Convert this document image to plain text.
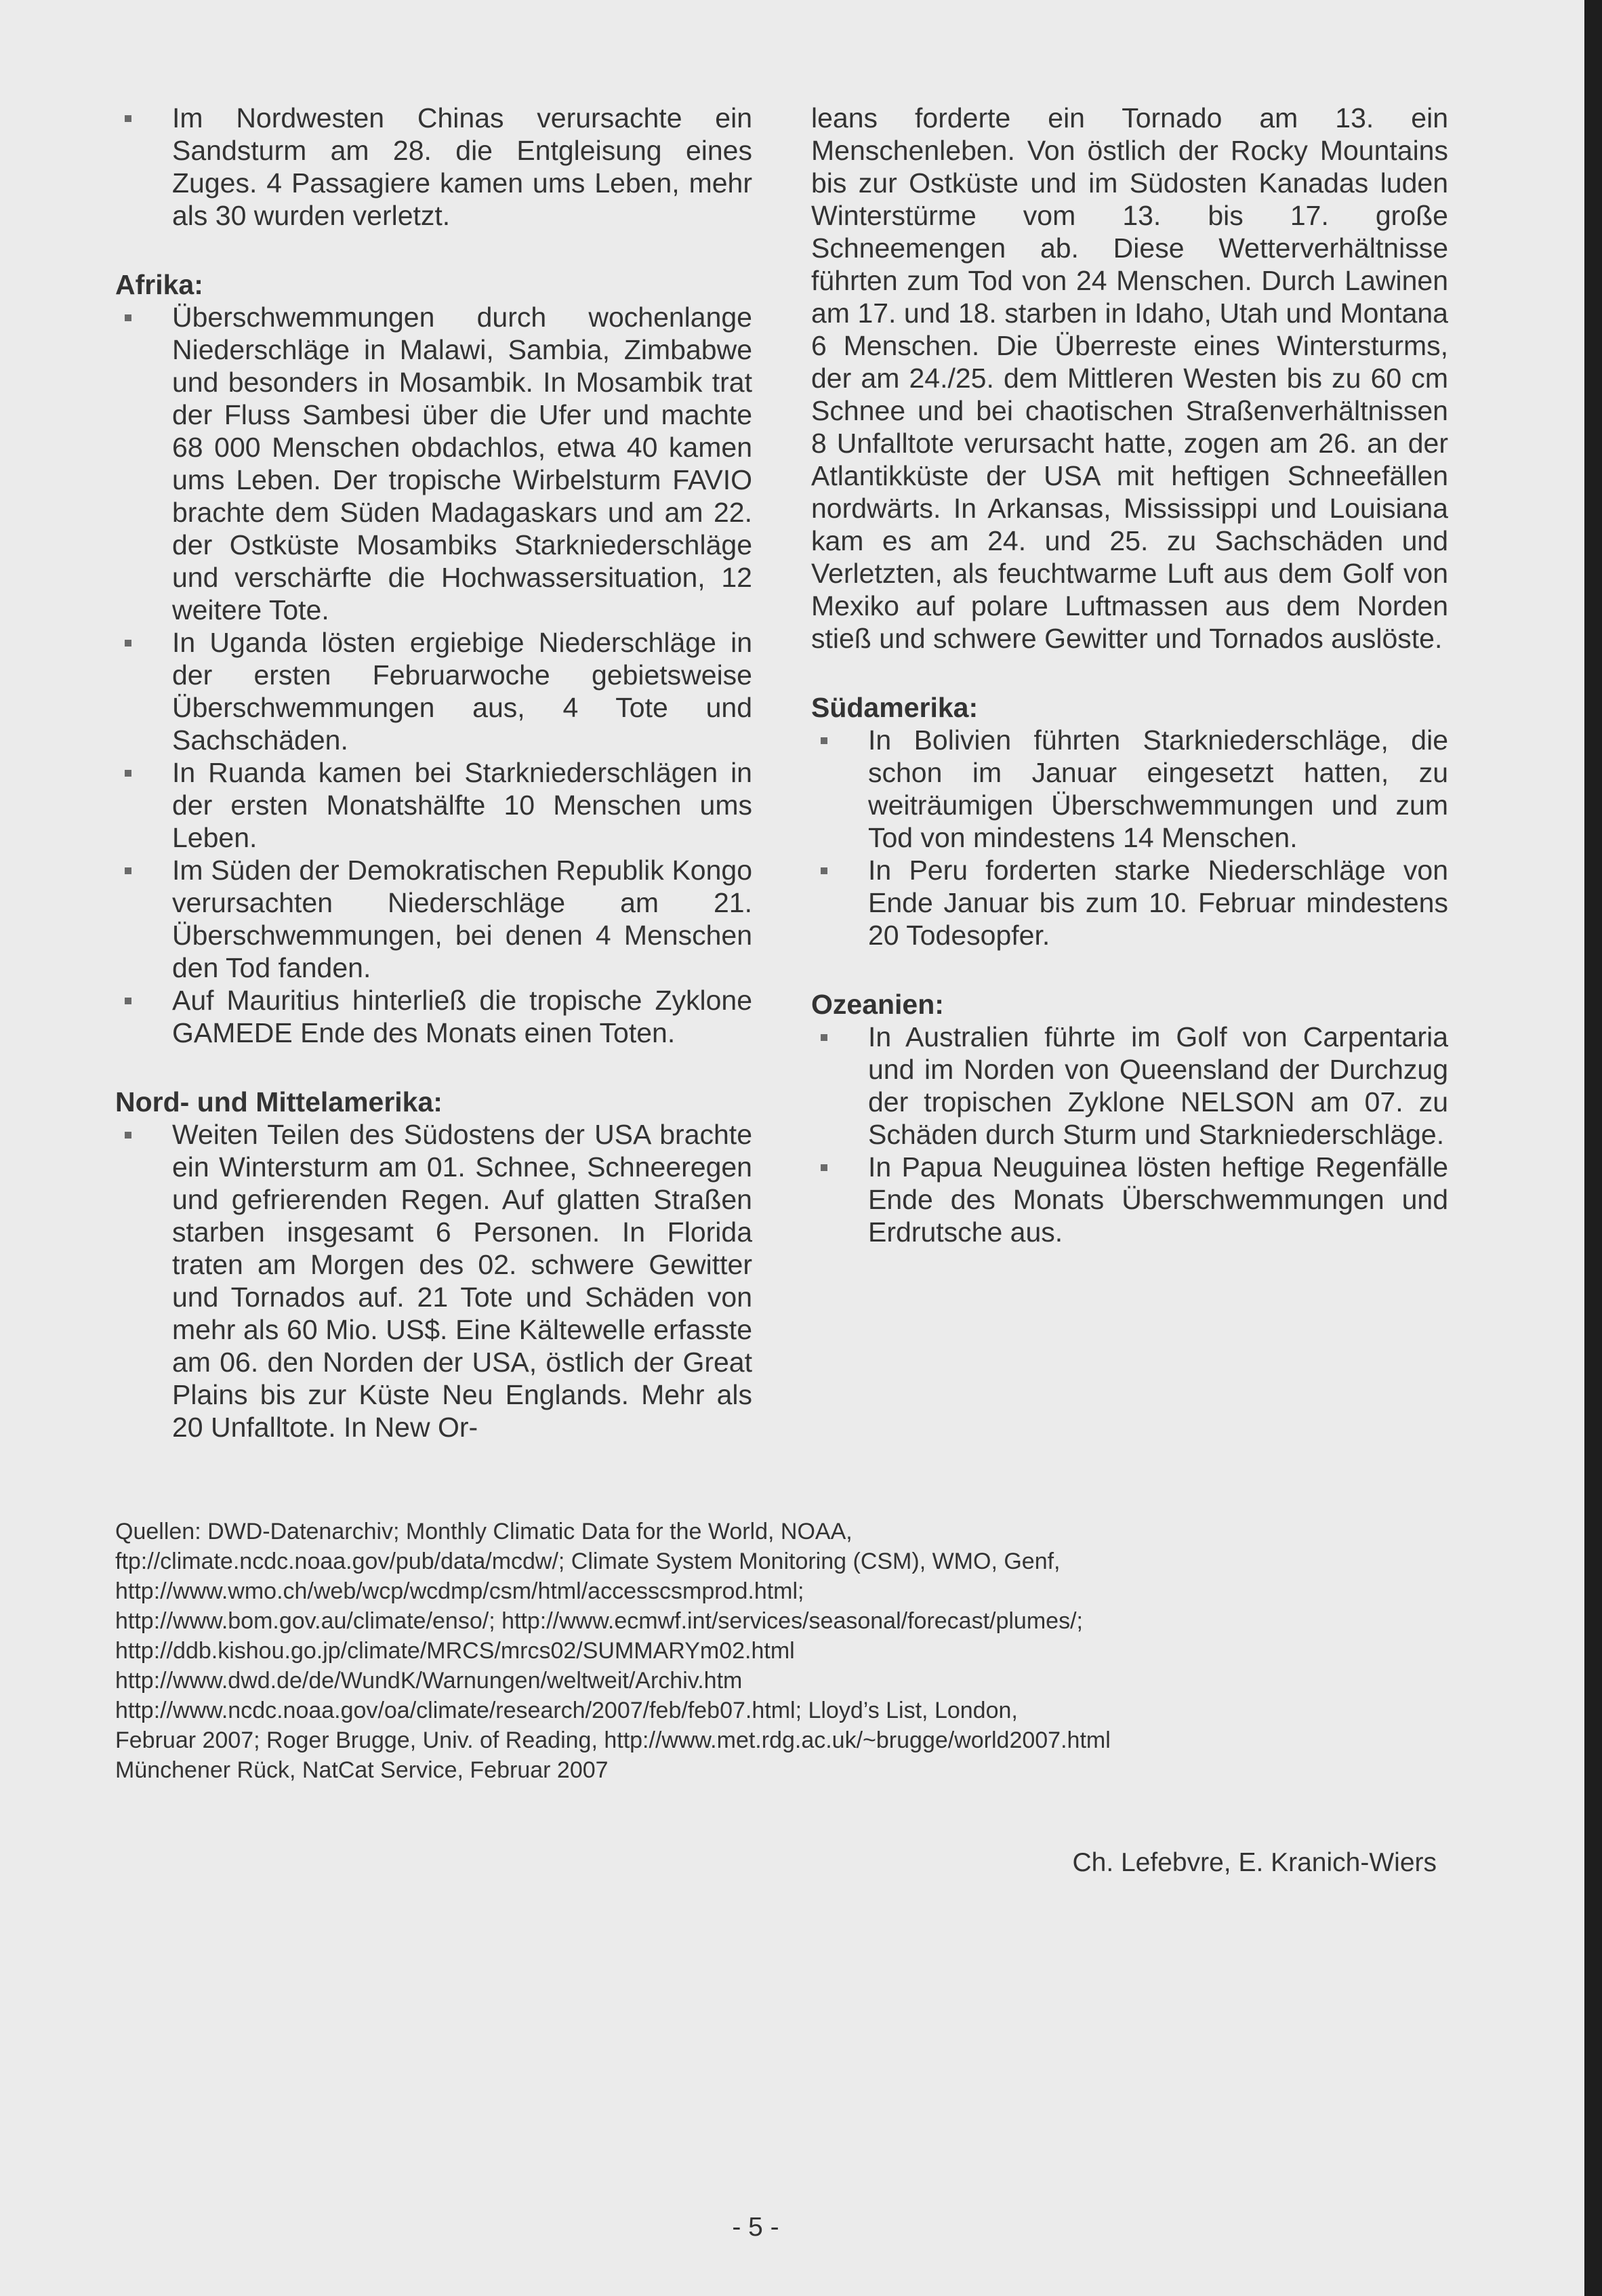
Im Nordwesten Chinas verursachte ein Sandsturm am 28. die Entgleisung eines Zuges. 4 Passagiere kamen ums Leben, mehr als 30 wurden verletzt.
Afrika:
Überschwemmungen durch wochenlange Niederschläge in Malawi, Sambia, Zimbabwe und besonders in Mosambik. In Mosambik trat der Fluss Sambesi über die Ufer und machte 68 000 Menschen obdachlos, etwa 40 kamen ums Leben. Der tropische Wirbelsturm FAVIO brachte dem Süden Madagaskars und am 22. der Ostküste Mosambiks Starkniederschläge und verschärfte die Hochwassersituation, 12 weitere Tote.
In Uganda lösten ergiebige Niederschläge in der ersten Februarwoche gebietsweise Überschwemmungen aus, 4 Tote und Sachschäden.
In Ruanda kamen bei Starkniederschlägen in der ersten Monatshälfte 10 Menschen ums Leben.
Im Süden der Demokratischen Republik Kongo verursachten Niederschläge am 21. Überschwemmungen, bei denen 4 Menschen den Tod fanden.
Auf Mauritius hinterließ die tropische Zyklone GAMEDE Ende des Monats einen Toten.
Nord- und Mittelamerika:
Weiten Teilen des Südostens der USA brachte ein Wintersturm am 01. Schnee, Schneeregen und gefrierenden Regen. Auf glatten Straßen starben insgesamt 6 Personen. In Florida traten am Morgen des 02. schwere Gewitter und Tornados auf. 21 Tote und Schäden von mehr als 60 Mio. US$. Eine Kältewelle erfasste am 06. den Norden der USA, östlich der Great Plains bis zur Küste Neu Englands. Mehr als 20 Unfalltote. In New Or-
leans forderte ein Tornado am 13. ein Menschenleben. Von östlich der Rocky Mountains bis zur Ostküste und im Südosten Kanadas luden Winterstürme vom 13. bis 17. große Schneemengen ab. Diese Wetterverhältnisse führten zum Tod von 24 Menschen. Durch Lawinen am 17. und 18. starben in Idaho, Utah und Montana 6 Menschen. Die Überreste eines Wintersturms, der am 24./25. dem Mittleren Westen bis zu 60 cm Schnee und bei chaotischen Straßenverhältnissen 8 Unfalltote verursacht hatte, zogen am 26. an der Atlantikküste der USA mit heftigen Schneefällen nordwärts. In Arkansas, Mississippi und Louisiana kam es am 24. und 25. zu Sachschäden und Verletzten, als feuchtwarme Luft aus dem Golf von Mexiko auf polare Luftmassen aus dem Norden stieß und schwere Gewitter und Tornados auslöste.
Südamerika:
In Bolivien führten Starkniederschläge, die schon im Januar eingesetzt hatten, zu weiträumigen Überschwemmungen und zum Tod von mindestens 14 Menschen.
In Peru forderten starke Niederschläge von Ende Januar bis zum 10. Februar mindestens 20 Todesopfer.
Ozeanien:
In Australien führte im Golf von Carpentaria und im Norden von Queensland der Durchzug der tropischen Zyklone NELSON am 07. zu Schäden durch Sturm und Starkniederschläge.
In Papua Neuguinea lösten heftige Regenfälle Ende des Monats Überschwemmungen und Erdrutsche aus.
Quellen: DWD-Datenarchiv; Monthly Climatic Data for the World, NOAA,
ftp://climate.ncdc.noaa.gov/pub/data/mcdw/; Climate System Monitoring (CSM), WMO, Genf,
http://www.wmo.ch/web/wcp/wcdmp/csm/html/accesscsmprod.html;
http://www.bom.gov.au/climate/enso/; http://www.ecmwf.int/services/seasonal/forecast/plumes/;
http://ddb.kishou.go.jp/climate/MRCS/mrcs02/SUMMARYm02.html
http://www.dwd.de/de/WundK/Warnungen/weltweit/Archiv.htm
http://www.ncdc.noaa.gov/oa/climate/research/2007/feb/feb07.html; Lloyd’s List, London,
Februar 2007; Roger Brugge, Univ. of Reading, http://www.met.rdg.ac.uk/~brugge/world2007.html
Münchener Rück, NatCat Service, Februar 2007
Ch. Lefebvre, E. Kranich-Wiers
- 5 -
